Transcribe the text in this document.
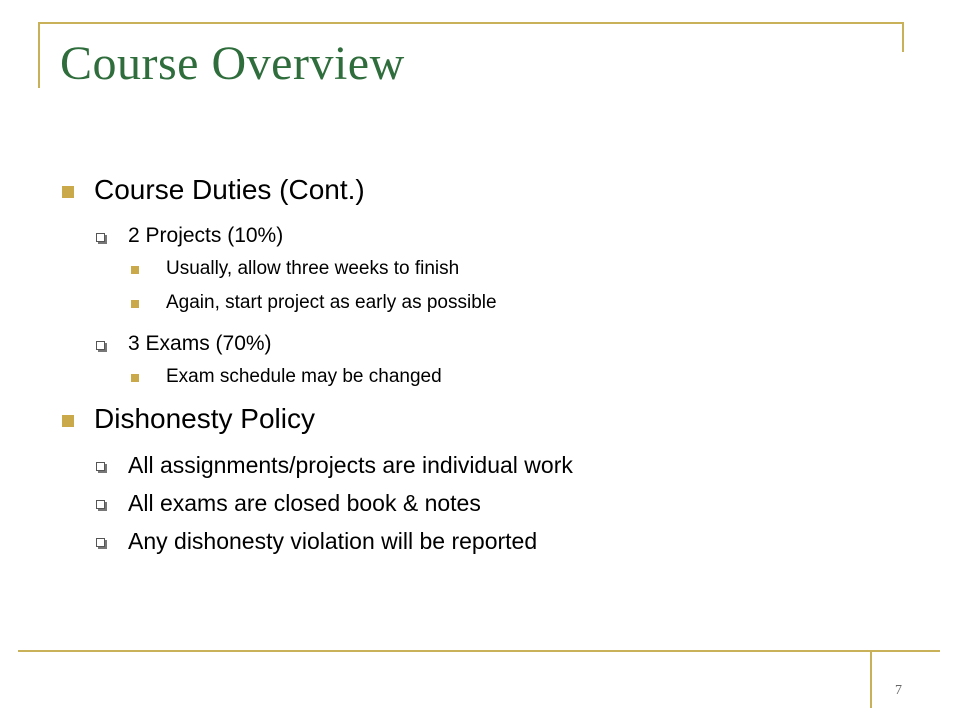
Course Overview
Course Duties (Cont.)
2 Projects (10%)
Usually, allow three weeks to finish
Again, start project as early as possible
3 Exams (70%)
Exam schedule may be changed
Dishonesty Policy
All assignments/projects are individual work
All exams are closed book & notes
Any dishonesty violation will be reported
7
